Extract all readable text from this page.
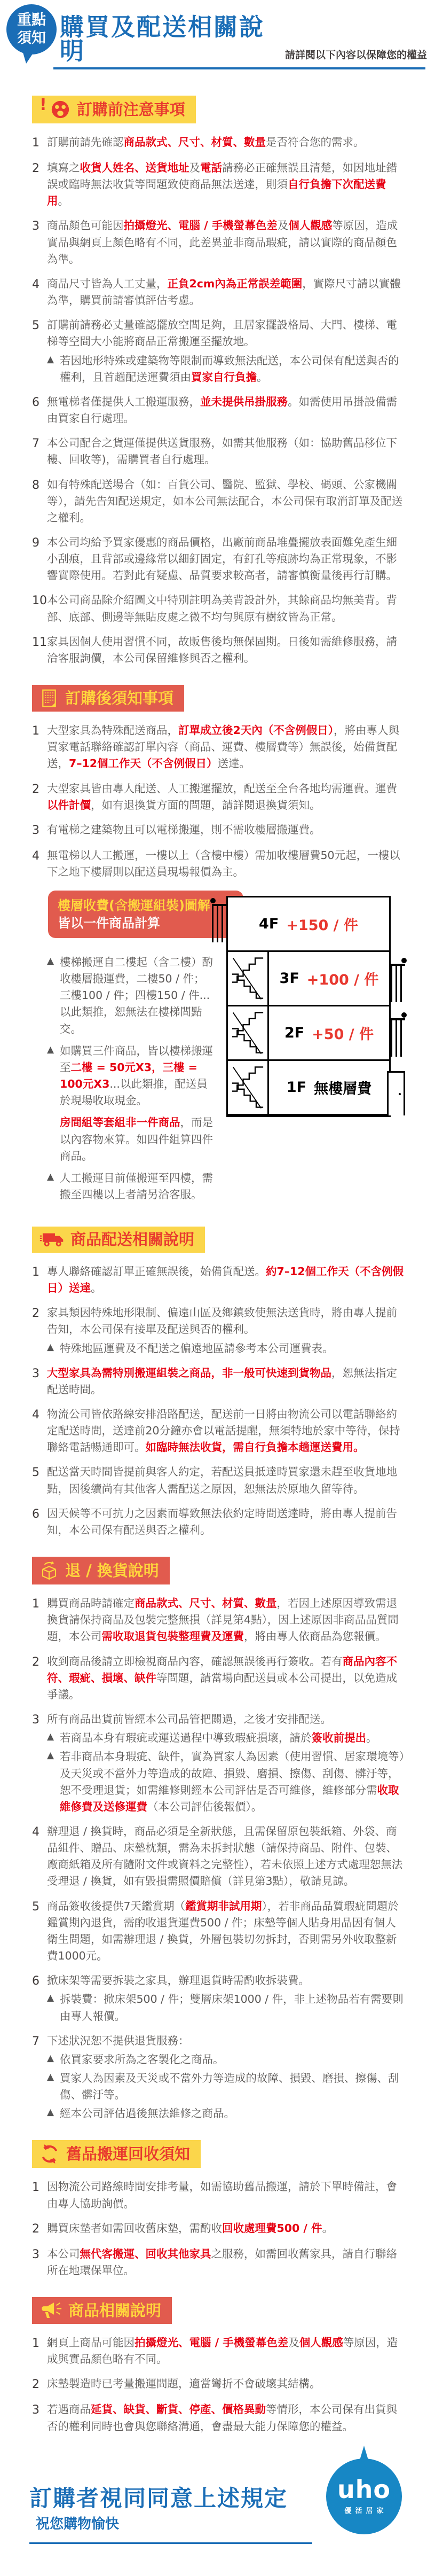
重點
須知 購買及配送相關說明	請詳閱以下內容以保障您的權益
! 訂購前注意事項
1 訂購前請先確認商品款式、尺寸、材質、數量是否符合您的需求。

2 填寫之收貨人姓名、送貨地址及電話請務必正確無誤且清楚，如因地址錯誤或臨時無法收貨等問題致使商品無法送達，則須自行負擔下次配送費用。

3 商品顏色可能因拍攝燈光、電腦 / 手機螢幕色差及個人觀感等原因，造成實品與網頁上顏色略有不同，此差異並非商品瑕疵，請以實際的商品顏色為準。

4 商品尺寸皆為人工丈量，正負2cm內為正常誤差範圍，實際尺寸請以實體為準，購買前請審慎評估考慮。

5 訂購前請務必丈量確認擺放空間足夠，且居家擺設格局、大門、樓梯、電梯等空間大小能將商品正常搬運至擺放地。

▲ 若因地形特殊或建築物等限制而導致無法配送，本公司保有配送與否的權利，且首趟配送運費須由買家自行負擔。

6 無電梯者僅提供人工搬運服務，並未提供吊掛服務。如需使用吊掛設備需由買家自行處理。

7 本公司配合之貨運僅提供送貨服務，如需其他服務（如：協助舊品移位下樓、回收等)，需購買者自行處理。

8 如有特殊配送場合（如：百貨公司、醫院、監獄、學校、碼頭、公家機關等），請先告知配送規定，如本公司無法配合，本公司保有取消訂單及配送之權利。

9 本公司均給予買家優惠的商品價格，出廠前商品堆疊擺放表面難免產生細小刮痕，且背部或邊緣常以細釘固定，有釘孔等痕跡均為正常現象，不影響實際使用。若對此有疑慮、品質要求較高者，請審慎衡量後再行訂購。

10 本公司商品除介紹圖文中特別註明為美背設計外，其餘商品均無美背。背部、底部、側邊等無貼皮處之微不均勻與原有樹紋皆為正常。

11 家具因個人使用習慣不同，故販售後均無保固期。日後如需維修服務，請洽客服詢價，本公司保留維修與否之權利。

訂購後須知事項
1 大型家具為特殊配送商品，訂單成立後2天內（不含例假日），將由專人與買家電話聯絡確認訂單內容（商品、運費、樓層費等）無誤後，始備貨配送，7–12個工作天（不含例假日）送達。

2 大型家具皆由專人配送、人工搬運擺放，配送至全台各地均需運費。運費以件計價，如有退換貨方面的問題，請詳閱退換貨須知。

3 有電梯之建築物且可以電梯搬運，則不需收樓層搬運費。

4 無電梯以人工搬運，一樓以上（含樓中樓）需加收樓層費50元起，一樓以下之地下樓層則以配送員現場報價為主。

樓層收費(含搬運組裝)圖解
皆以一件商品計算
▲ 樓梯搬運自二樓起（含二樓）酌收樓層搬運費，二樓50 / 件；三樓100 / 件；四樓150 / 件...以此類推，恕無法在樓梯間點交。

▲ 如購買三件商品，皆以樓梯搬運至二樓 = 50元X3，三樓 = 100元X3...以此類推，配送員於現場收取現金。

房間組等套組非一件商品，而是以內容物來算。如四件組算四件商品。

▲ 人工搬運目前僅搬運至四樓，需搬至四樓以上者請另洽客服。

4F +150 / 件
3F +100 / 件
2F +50 / 件
1F 無樓層費
商品配送相關說明
1 專人聯絡確認訂單正確無誤後，始備貨配送。約7–12個工作天（不含例假日）送達。

2 家具類因特殊地形限制、偏遠山區及鄉鎮致使無法送貨時，將由專人提前告知，本公司保有接單及配送與否的權利。

▲ 特殊地區運費及不配送之偏遠地區請參考本公司運費表。

3 大型家具為需特別搬運組裝之商品，非一般可快速到貨物品，恕無法指定配送時間。

4 物流公司皆依路線安排沿路配送，配送前一日將由物流公司以電話聯絡約定配送時間，送達前20分鐘亦會以電話提醒，無須特地於家中等待，保持聯絡電話暢通即可。如臨時無法收貨，需自行負擔本趟運送費用。

5 配送當天時間皆提前與客人約定，若配送員抵達時買家還未趕至收貨地地點，因後續尚有其他客人需配送之原因，恕無法於原地久留等待。

6 因天候等不可抗力之因素而導致無法依約定時間送達時，將由專人提前告知，本公司保有配送與否之權利。

退 / 換貨說明
1 購買商品時請確定商品款式、尺寸、材質、數量，若因上述原因導致需退換貨請保持商品及包裝完整無損（詳見第4點），因上述原因非商品品質問題，本公司需收取退貨包裝整理費及運費，將由專人依商品為您報價。

2 收到商品後請立即檢視商品內容，確認無誤後再行簽收。若有商品內容不符、瑕疵、損壞、缺件等問題，請當場向配送員或本公司提出，以免造成爭議。

3 所有商品出貨前皆經本公司品管把關過，之後才安排配送。

▲ 若商品本身有瑕疵或運送過程中導致瑕疵損壞，請於簽收前提出。

▲ 若非商品本身瑕疵、缺件，實為買家人為因素（使用習慣、居家環境等）及天災或不當外力等造成的故障、損毀、磨損、擦傷、刮傷、髒汙等，恕不受理退貨；如需維修則經本公司評估是否可維修，維修部分需收取維修費及送修運費（本公司評估後報價）。

4 辦理退 / 換貨時，商品必須是全新狀態，且需保留原包裝紙箱、外袋、商品組件、贈品、床墊枕類，需為未拆封狀態（請保持商品、附件、包裝、廠商紙箱及所有隨附文件或資料之完整性），若未依照上述方式處理恕無法受理退 / 換貨，如有毀損需照價賠償（詳見第3點），敬請見諒。

5 商品簽收後提供7天鑑賞期（鑑賞期非試用期），若非商品品質瑕疵問題於鑑賞期內退貨，需酌收退貨運費500 / 件；床墊等個人貼身用品因有個人衛生問題，如需辦理退 / 換貨，外層包裝切勿拆封，否則需另外收取整新費1000元。

6 掀床架等需要拆裝之家具，辦理退貨時需酌收拆裝費。

▲ 拆裝費：掀床架500 / 件；雙層床架1000 / 件，非上述物品若有需要則由專人報價。

7 下述狀況恕不提供退貨服務：

▲ 依買家要求所為之客製化之商品。

▲ 買家人為因素及天災或不當外力等造成的故障、損毀、磨損、擦傷、刮傷、髒汙等。

▲ 經本公司評估過後無法維修之商品。

舊品搬運回收須知
1 因物流公司路線時間安排考量，如需協助舊品搬運，請於下單時備註，會由專人協助詢價。

2 購買床墊者如需回收舊床墊，需酌收回收處理費500 / 件。

3 本公司無代客搬運、回收其他家具之服務，如需回收舊家具，請自行聯絡所在地環保單位。

商品相關說明
1 網頁上商品可能因拍攝燈光、電腦 / 手機螢幕色差及個人觀感等原因，造成與實品顏色略有不同。

2 床墊製造時已考量搬運問題，適當彎折不會破壞其結構。

3 若遇商品延貨、缺貨、斷貨、停產、價格異動等情形，本公司保有出貨與否的權利同時也會與您聯絡溝通，會盡最大能力保障您的權益。

訂購者視同同意上述規定祝您購物愉快
uho
優活居家
